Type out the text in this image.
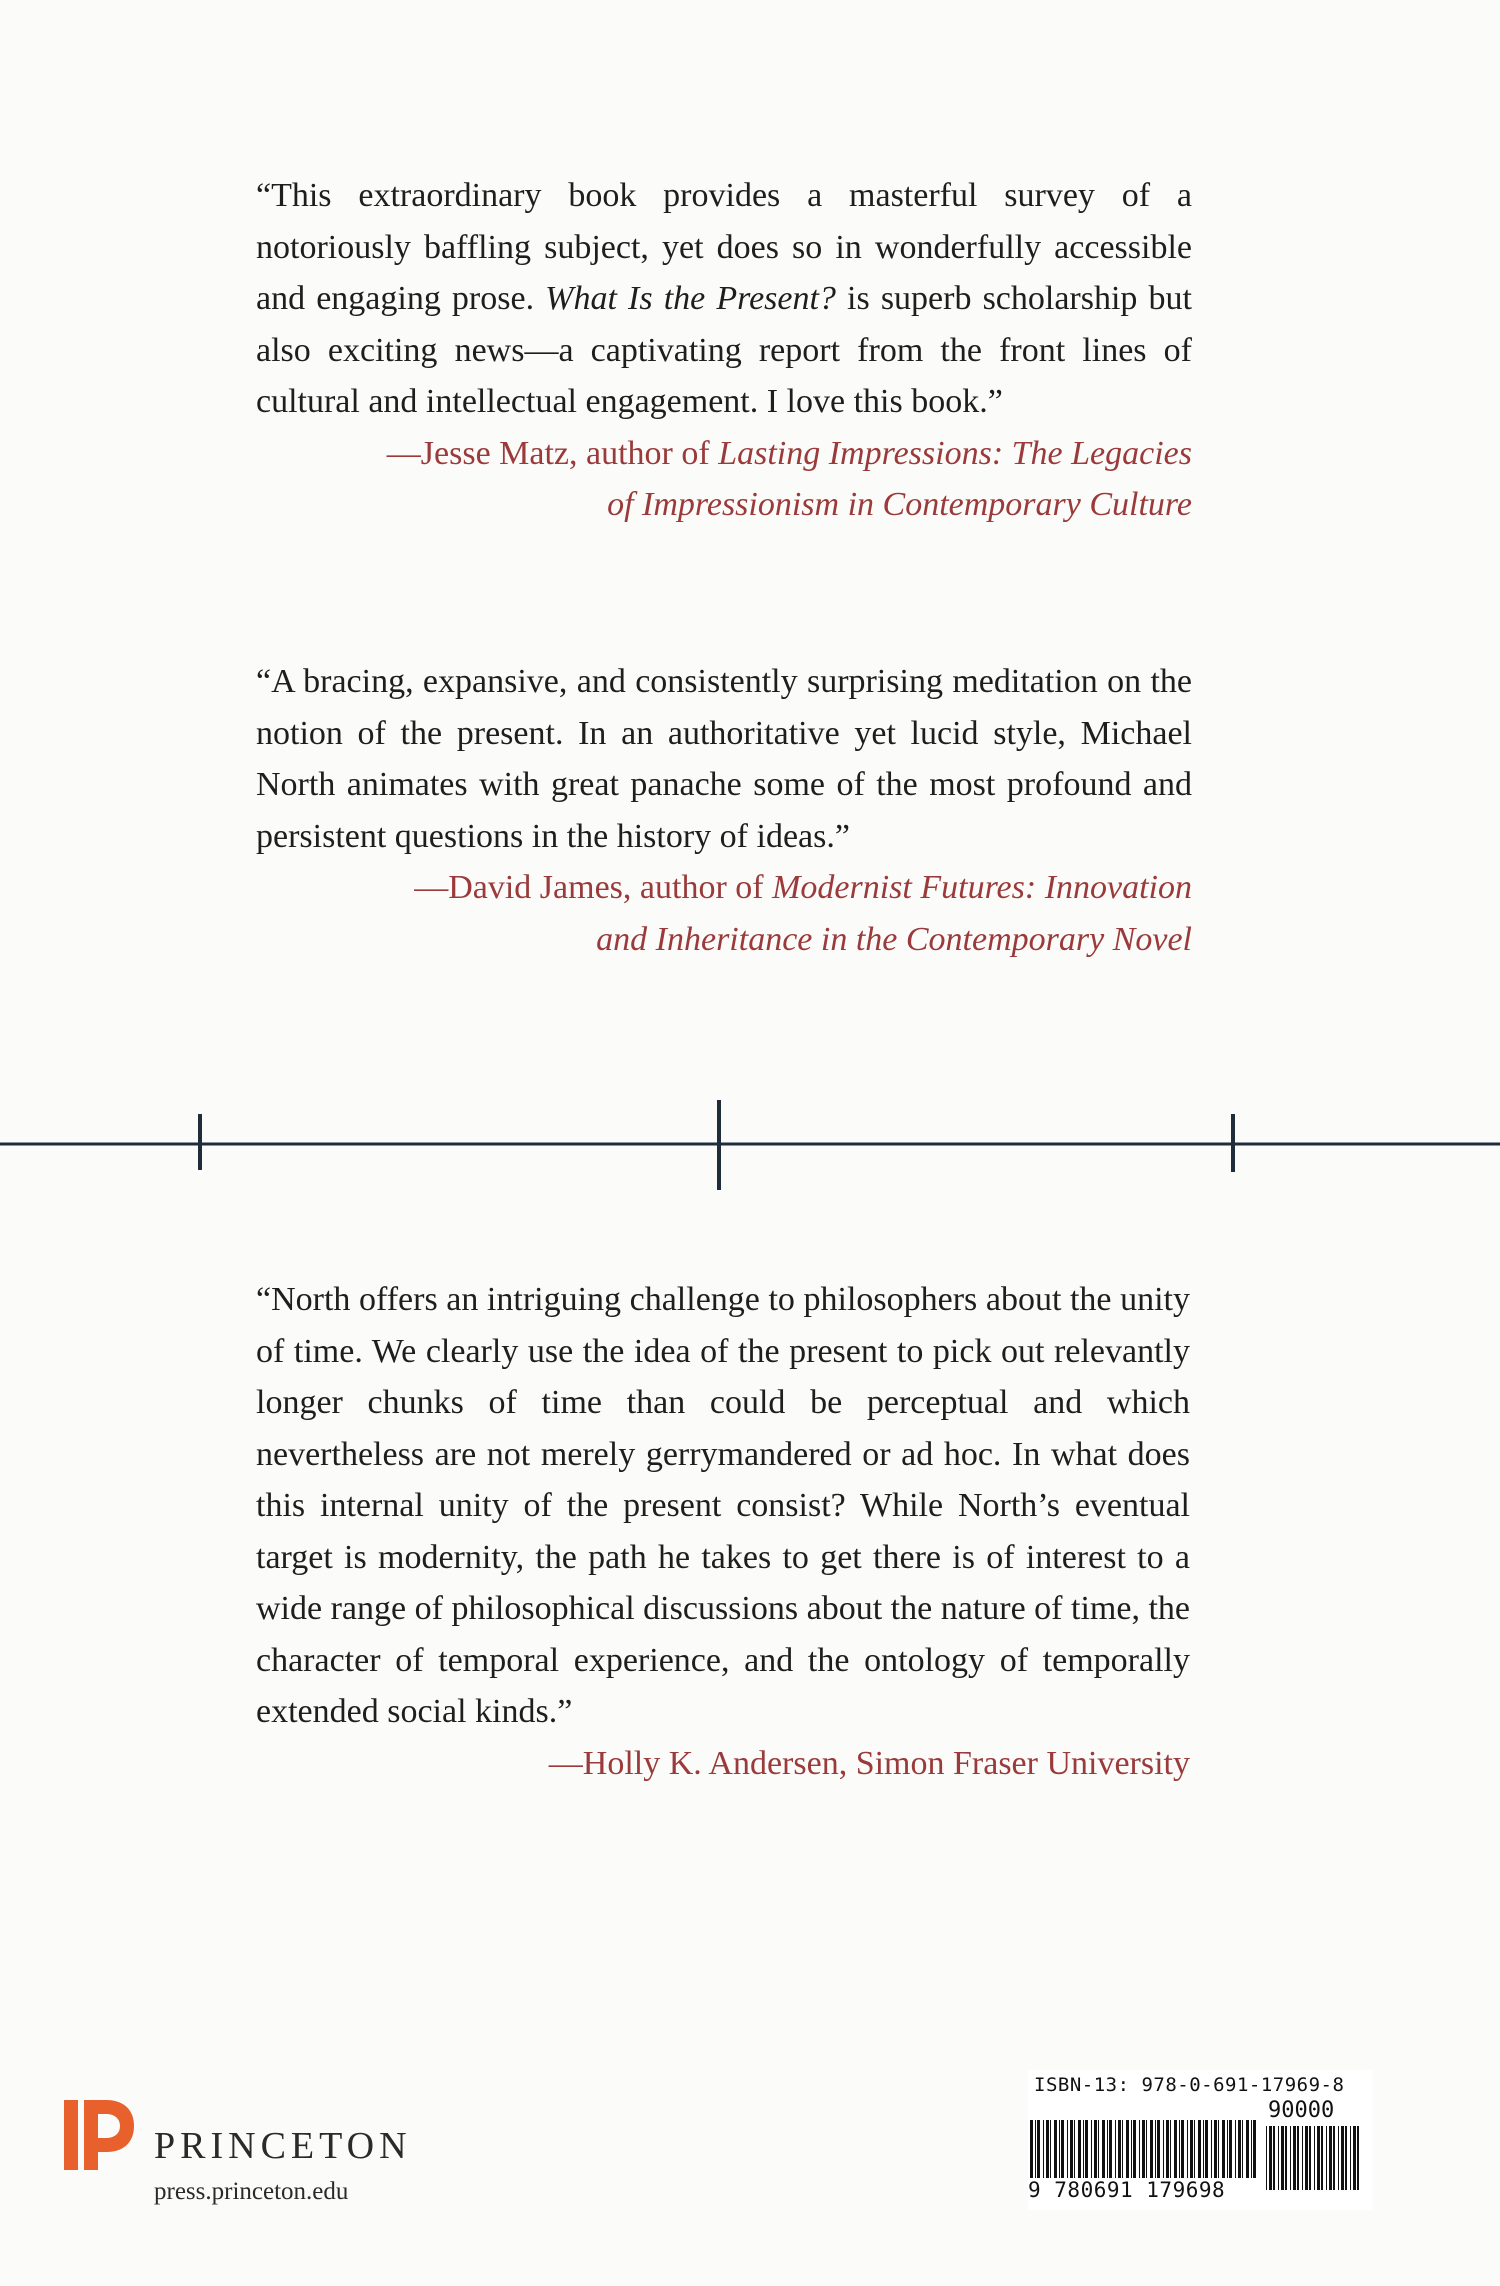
“This extraordinary book provides a masterful survey of a notoriously baffling subject, yet does so in wonderfully accessible and engaging prose. What Is the Present? is superb scholarship but also exciting news—a captivating report from the front lines of cultural and intellectual engagement. I love this book.”

—Jesse Matz, author of Lasting Impressions: The Legacies
of Impressionism in Contemporary Culture

“A bracing, expansive, and consistently surprising meditation on the notion of the present. In an authoritative yet lucid style, Michael North animates with great panache some of the most profound and persistent questions in the history of ideas.”

—David James, author of Modernist Futures: Innovation
and Inheritance in the Contemporary Novel

“North offers an intriguing challenge to philosophers about the unity of time. We clearly use the idea of the present to pick out relevantly longer chunks of time than could be perceptual and which nevertheless are not merely gerrymandered or ad hoc. In what does this internal unity of the present consist? While North’s eventual target is modernity, the path he takes to get there is of interest to a wide range of philosophical discussions about the nature of time, the character of temporal experience, and the ontology of temporally extended social kinds.”

—Holly K. Andersen, Simon Fraser University
PRINCETON
press.princeton.edu
ISBN-13: 978-0-691-17969-8
90000
9 780691 179698
